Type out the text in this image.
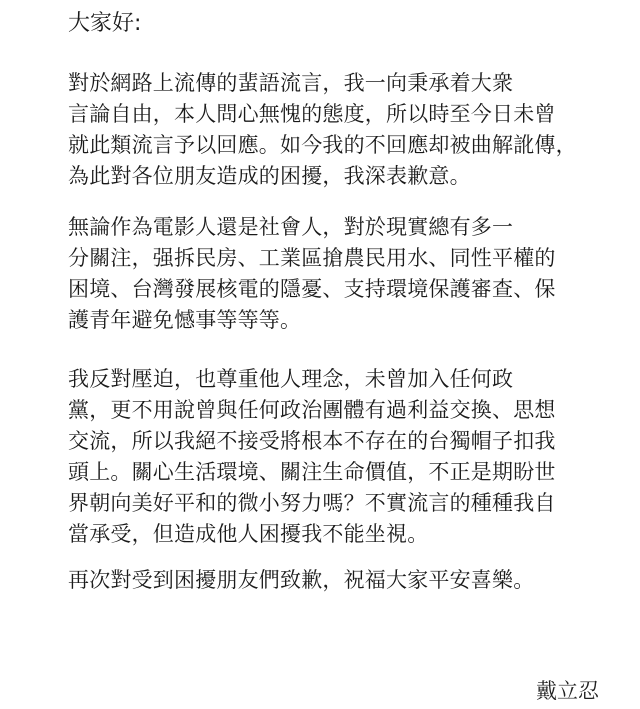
大家好:
對於網路上流傳的蜚語流言，我一向秉承着大衆
言論自由，本人問心無愧的態度，所以時至今日未曾
就此類流言予以回應。如今我的不回應却被曲解訛傳，
為此對各位朋友造成的困擾，我深表歉意。
無論作為電影人還是社會人，對於現實總有多一
分關注，强拆民房、工業區搶農民用水、同性平權的
困境、台灣發展核電的隱憂、支持環境保護審查、保
護青年避免憾事等等等。
我反對壓迫，也尊重他人理念，未曾加入任何政
黨，更不用說曾與任何政治團體有過利益交換、思想
交流，所以我絕不接受將根本不存在的台獨帽子扣我
頭上。關心生活環境、關注生命價值，不正是期盼世
界朝向美好平和的微小努力嗎？不實流言的種種我自
當承受，但造成他人困擾我不能坐視。
再次對受到困擾朋友們致歉，祝福大家平安喜樂。
戴立忍
